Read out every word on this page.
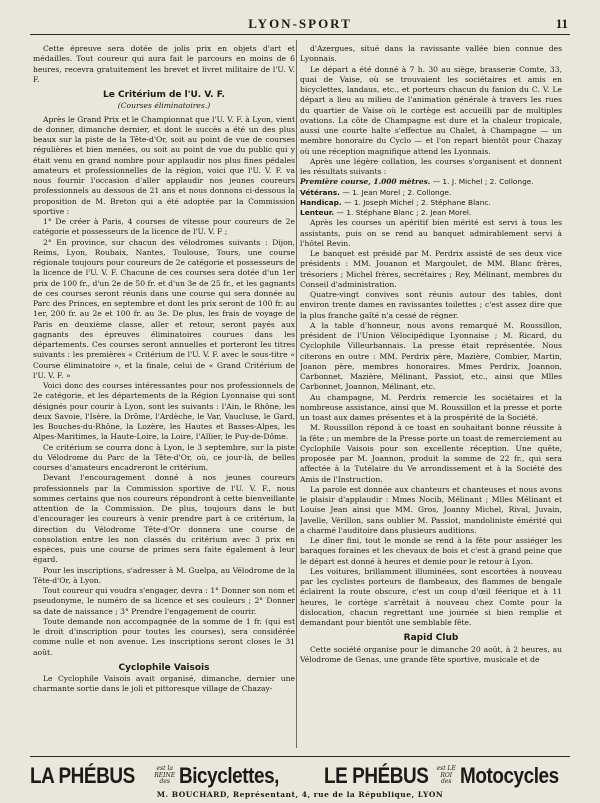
LYON-SPORT	11

Cette épreuve sera dotée de jolis prix en objets d'art et médailles. Tout coureur qui aura fait le parcours en moins de 6 heures, recevra gratuitement les brevet et livret militaire de l'U. V. F.

Le Critérium de l'U. V. F.
(Courses éliminatoires.)

Après le Grand Prix et le Championnat que l'U. V. F. à Lyon, vient de donner, dimanche dernier, et dont le succès a été un des plus beaux sur la piste de la Tête-d'Or, soit au point de vue de courses régulières et bien menées, ou soit au point de vue du public qui y était venu en grand nombre pour applaudir nos plus fines pédales amateurs et professionnelles de la région, voici que l'U. V. F. va nous fournir l'occasion d'aller applaudir nos jeunes coureurs professionnels au dessous de 21 ans et nous donnons ci-dessous la proposition de M. Breton qui a été adoptée par la Commission sportive :

1° De créer à Paris, 4 courses de vitesse pour coureurs de 2e catégorie et possesseurs de la licence de l'U. V. F ;

2° En province, sur chacun des vélodromes suivants : Dijon, Reims, Lyon, Roubaix, Nantes, Toulouse, Tours, une course régionale toujours pour coureurs de 2e catégorie et possesseurs de la licence de l'U. V. F. Chacune de ces courses sera dotée d'un 1er prix de 100 fr., d'un 2e de 50 fr. et d'un 3e de 25 fr., et les gagnants de ces courses seront réunis dans une course qui sera donnée au Parc des Princes, en septembre et dont les prix seront de 100 fr. au 1er, 200 fr. au 2e et 100 fr. au 3e. De plus, les frais de voyage de Paris en deuxième classe, aller et retour, seront payés aux gagnants des épreuves éliminatoires courues dans les départements. Ces courses seront annuelles et porteront les titres suivants : les premières « Critérium de l'U. V. F. avec le sous-titre « Course éliminatoire », et la finale, celui de « Grand Critérium de l'U. V. F. »

Voici donc des courses intéressantes pour nos professionnels de 2e catégorie, et les départements de la Région Lyonnaise qui sont désignés pour courir à Lyon, sont les suivants : l'Ain, le Rhône, les deux Savoie, l'Isère, la Drôme, l'Ardèche, le Var, Vaucluse, le Gard, les Bouches-du-Rhône, la Lozère, les Hautes et Basses-Alpes, les Alpes-Maritimes, la Haute-Loire, la Loire, l'Allier, le Puy-de-Dôme.

Ce critérium se courra donc à Lyon, le 3 septembre, sur la piste du Vélodrome du Parc de la Tête-d'Or, où, ce jour-là, de belles courses d'amateurs encadreront le critérium.

Devant l'encouragement donné à nos jeunes coureurs professionnels par la Commission sportive de l'U. V. F., nous sommes certains que nos coureurs répondront à cette bienveillante attention de la Commission. De plus, toujours dans le but d'encourager les coureurs à venir prendre part à ce critérium, la direction du Vélodrome Tête-d'Or donnera une course de consolation entre les non classés du critérium avec 3 prix en espèces, puis une course de primes sera faite également à leur égard.

Pour les inscriptions, s'adresser à M. Guelpa, au Vélodrome de la Tête-d'Or, à Lyon.

Tout coureur qui voudra s'engager, devra : 1° Donner son nom et pseudonyme, le numéro de sa licence et ses couleurs ; 2° Donner sa date de naissance ; 3° Prendre l'engagement de courir.

Toute demande non accompagnée de la somme de 1 fr. (qui est le droit d'inscription pour toutes les courses), sera considérée comme nulle et non avenue. Les inscriptions seront closes le 31 août.

Cyclophile Vaisois

Le Cyclophile Vaisois avait organisé, dimanche, dernier une charmante sortie dans le joli et pittoresque village de Chazay-

d'Azergues, situé dans la ravissante vallée bien connue des Lyonnais.

Le départ a été donné à 7 h. 30 au siège, brasserie Comte, 33, quai de Vaise, où se trouvaient les sociétaires et amis en bicyclettes, landaus, etc., et porteurs chacun du fanion du C. V. Le départ a lieu au milieu de l'animation générale à travers les rues du quartier de Vaise où le cortège est accueilli par de multiples ovations. La côte de Champagne est dure et la chaleur tropicale, aussi une courte halte s'effectue au Chalet, à Champagne — un membre honoraire du Cyclo — et l'on repart bientôt pour Chazay où une réception magnifique attend les Lyonnais.

Après une légère collation, les courses s'organisent et donnent les résultats suivants :

Première course, 1.000 mètres. — 1. J. Michel ; 2. Collonge.

Vétérans. — 1. Jean Morel ; 2. Collonge.

Handicap. — 1. Joseph Michel ; 2. Stéphane Blanc.

Lenteur. — 1. Stéphane Blanc ; 2. Jean Morel.

Après les courses un apéritif bien mérité est servi à tous les assistants, puis on se rend au banquet admirablement servi à l'hôtel Revin.

Le banquet est présidé par M. Perdrix assisté de ses deux vice présidents : MM. Jouanon et Margoulet, de MM. Blanc frères, trésoriers ; Michel frères, secrétaires ; Rey, Mélinant, membres du Conseil d'administration.

Quatre-vingt convives sont réunis autour des tables, dont environ trente dames en ravissantes toilettes ; c'est assez dire que la plus franche gaîté n'a cessé de régner.

A la table d'honneur, nous avons remarqué M. Roussillon, président de l'Union Vélocipédique Lyonnaise ; M. Ricard, du Cyclophile Villeurbannais. La presse était représentée. Nous citerons en outre : MM. Perdrix père, Mazière, Combier, Martin, Joanon père, membres honoraires. Mmes Perdrix, Joannon, Carbonnet, Mazière, Mélinant, Passiot, etc., ainsi que Mlles Carbonnet, Joannon, Mélinant, etc.

Au champagne, M. Perdrix remercie les sociétaires et la nombreuse assistance, ainsi que M. Roussillon et la presse et porte un toast aux dames présentes et à la prospérité de la Société.

M. Roussillon répond à ce toast en souhaitant bonne réussite à la fête ; un membre de la Presse porte un toast de remerciement au Cyclophile Vaisois pour son excellente réception. Une quête, proposée par M. Joannon, produit la somme de 22 fr., qui sera affectée à la Tutélaire du Ve arrondissement et à la Société des Amis de l'Instruction.

La parole est donnée aux chanteurs et chanteuses et nous avons le plaisir d'applaudir : Mmes Nocib, Mélinant ; Mlles Mélinant et Louise Jean ainsi que MM. Gros, Joanny Michel, Rival, Juvain, Javelle, Vérillon, sans oublier M. Passiot, mandoliniste émérité qui a charmé l'auditoire dans plusieurs auditions.

Le dîner fini, tout le monde se rend à la fête pour assiéger les baraques foraines et les chevaux de bois et c'est à grand peine que le départ est donné à heures et demie pour le retour à Lyon.

Les voitures, brillamment illuminées, sont escortées à nouveau par les cyclistes porteurs de flambeaux, des flammes de bengale éclairent la route obscure, c'est un coup d'œil féerique et à 11 heures, le cortège s'arrêtait à nouveau chez Comte pour la dislocation, chacun regrettant une journée si bien remplie et demandant pour bientôt une semblable fête.

Rapid Club

Cette société organise pour le dimanche 20 août, à 2 heures, au Vélodrome de Genas, une grande fête sportive, musicale et de

LA PHÉBUS	est la REINE des Bicyclettes, LE PHÉBUS	est LE ROI des Motocycles
M. BOUCHARD, Représentant, 4, rue de la République, LYON
